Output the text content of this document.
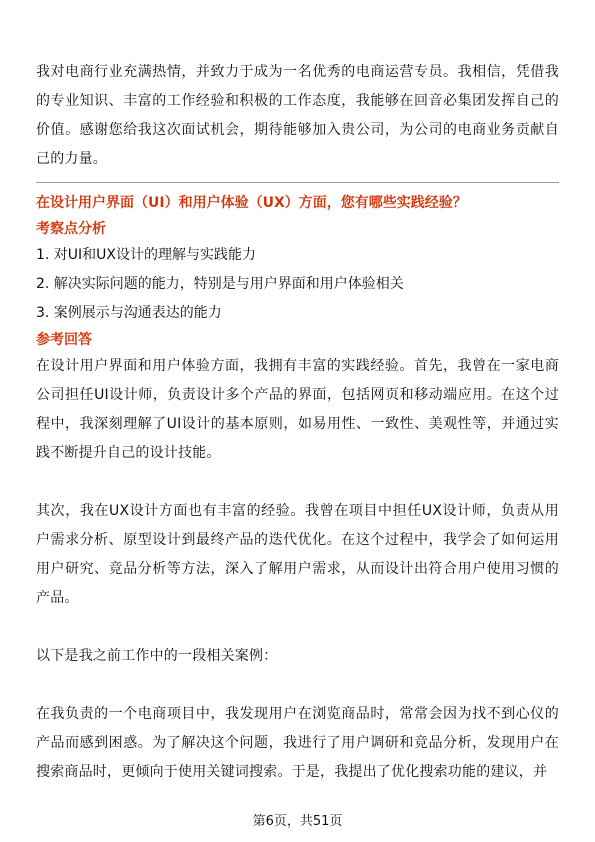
我对电商行业充满热情，并致力于成为一名优秀的电商运营专员。我相信，凭借我的专业知识、丰富的工作经验和积极的工作态度，我能够在回音必集团发挥自己的价值。感谢您给我这次面试机会，期待能够加入贵公司，为公司的电商业务贡献自己的力量。

在设计用户界面（UI）和用户体验（UX）方面，您有哪些实践经验？

考察点分析

1. 对UI和UX设计的理解与实践能力

2. 解决实际问题的能力，特别是与用户界面和用户体验相关

3. 案例展示与沟通表达的能力

参考回答

在设计用户界面和用户体验方面，我拥有丰富的实践经验。首先，我曾在一家电商公司担任UI设计师，负责设计多个产品的界面，包括网页和移动端应用。在这个过程中，我深刻理解了UI设计的基本原则，如易用性、一致性、美观性等，并通过实践不断提升自己的设计技能。

其次，我在UX设计方面也有丰富的经验。我曾在项目中担任UX设计师，负责从用户需求分析、原型设计到最终产品的迭代优化。在这个过程中，我学会了如何运用用户研究、竞品分析等方法，深入了解用户需求，从而设计出符合用户使用习惯的产品。

以下是我之前工作中的一段相关案例：

在我负责的一个电商项目中，我发现用户在浏览商品时，常常会因为找不到心仪的产品而感到困惑。为了解决这个问题，我进行了用户调研和竞品分析，发现用户在搜索商品时，更倾向于使用关键词搜索。于是，我提出了优化搜索功能的建议，并

第6页，共51页
